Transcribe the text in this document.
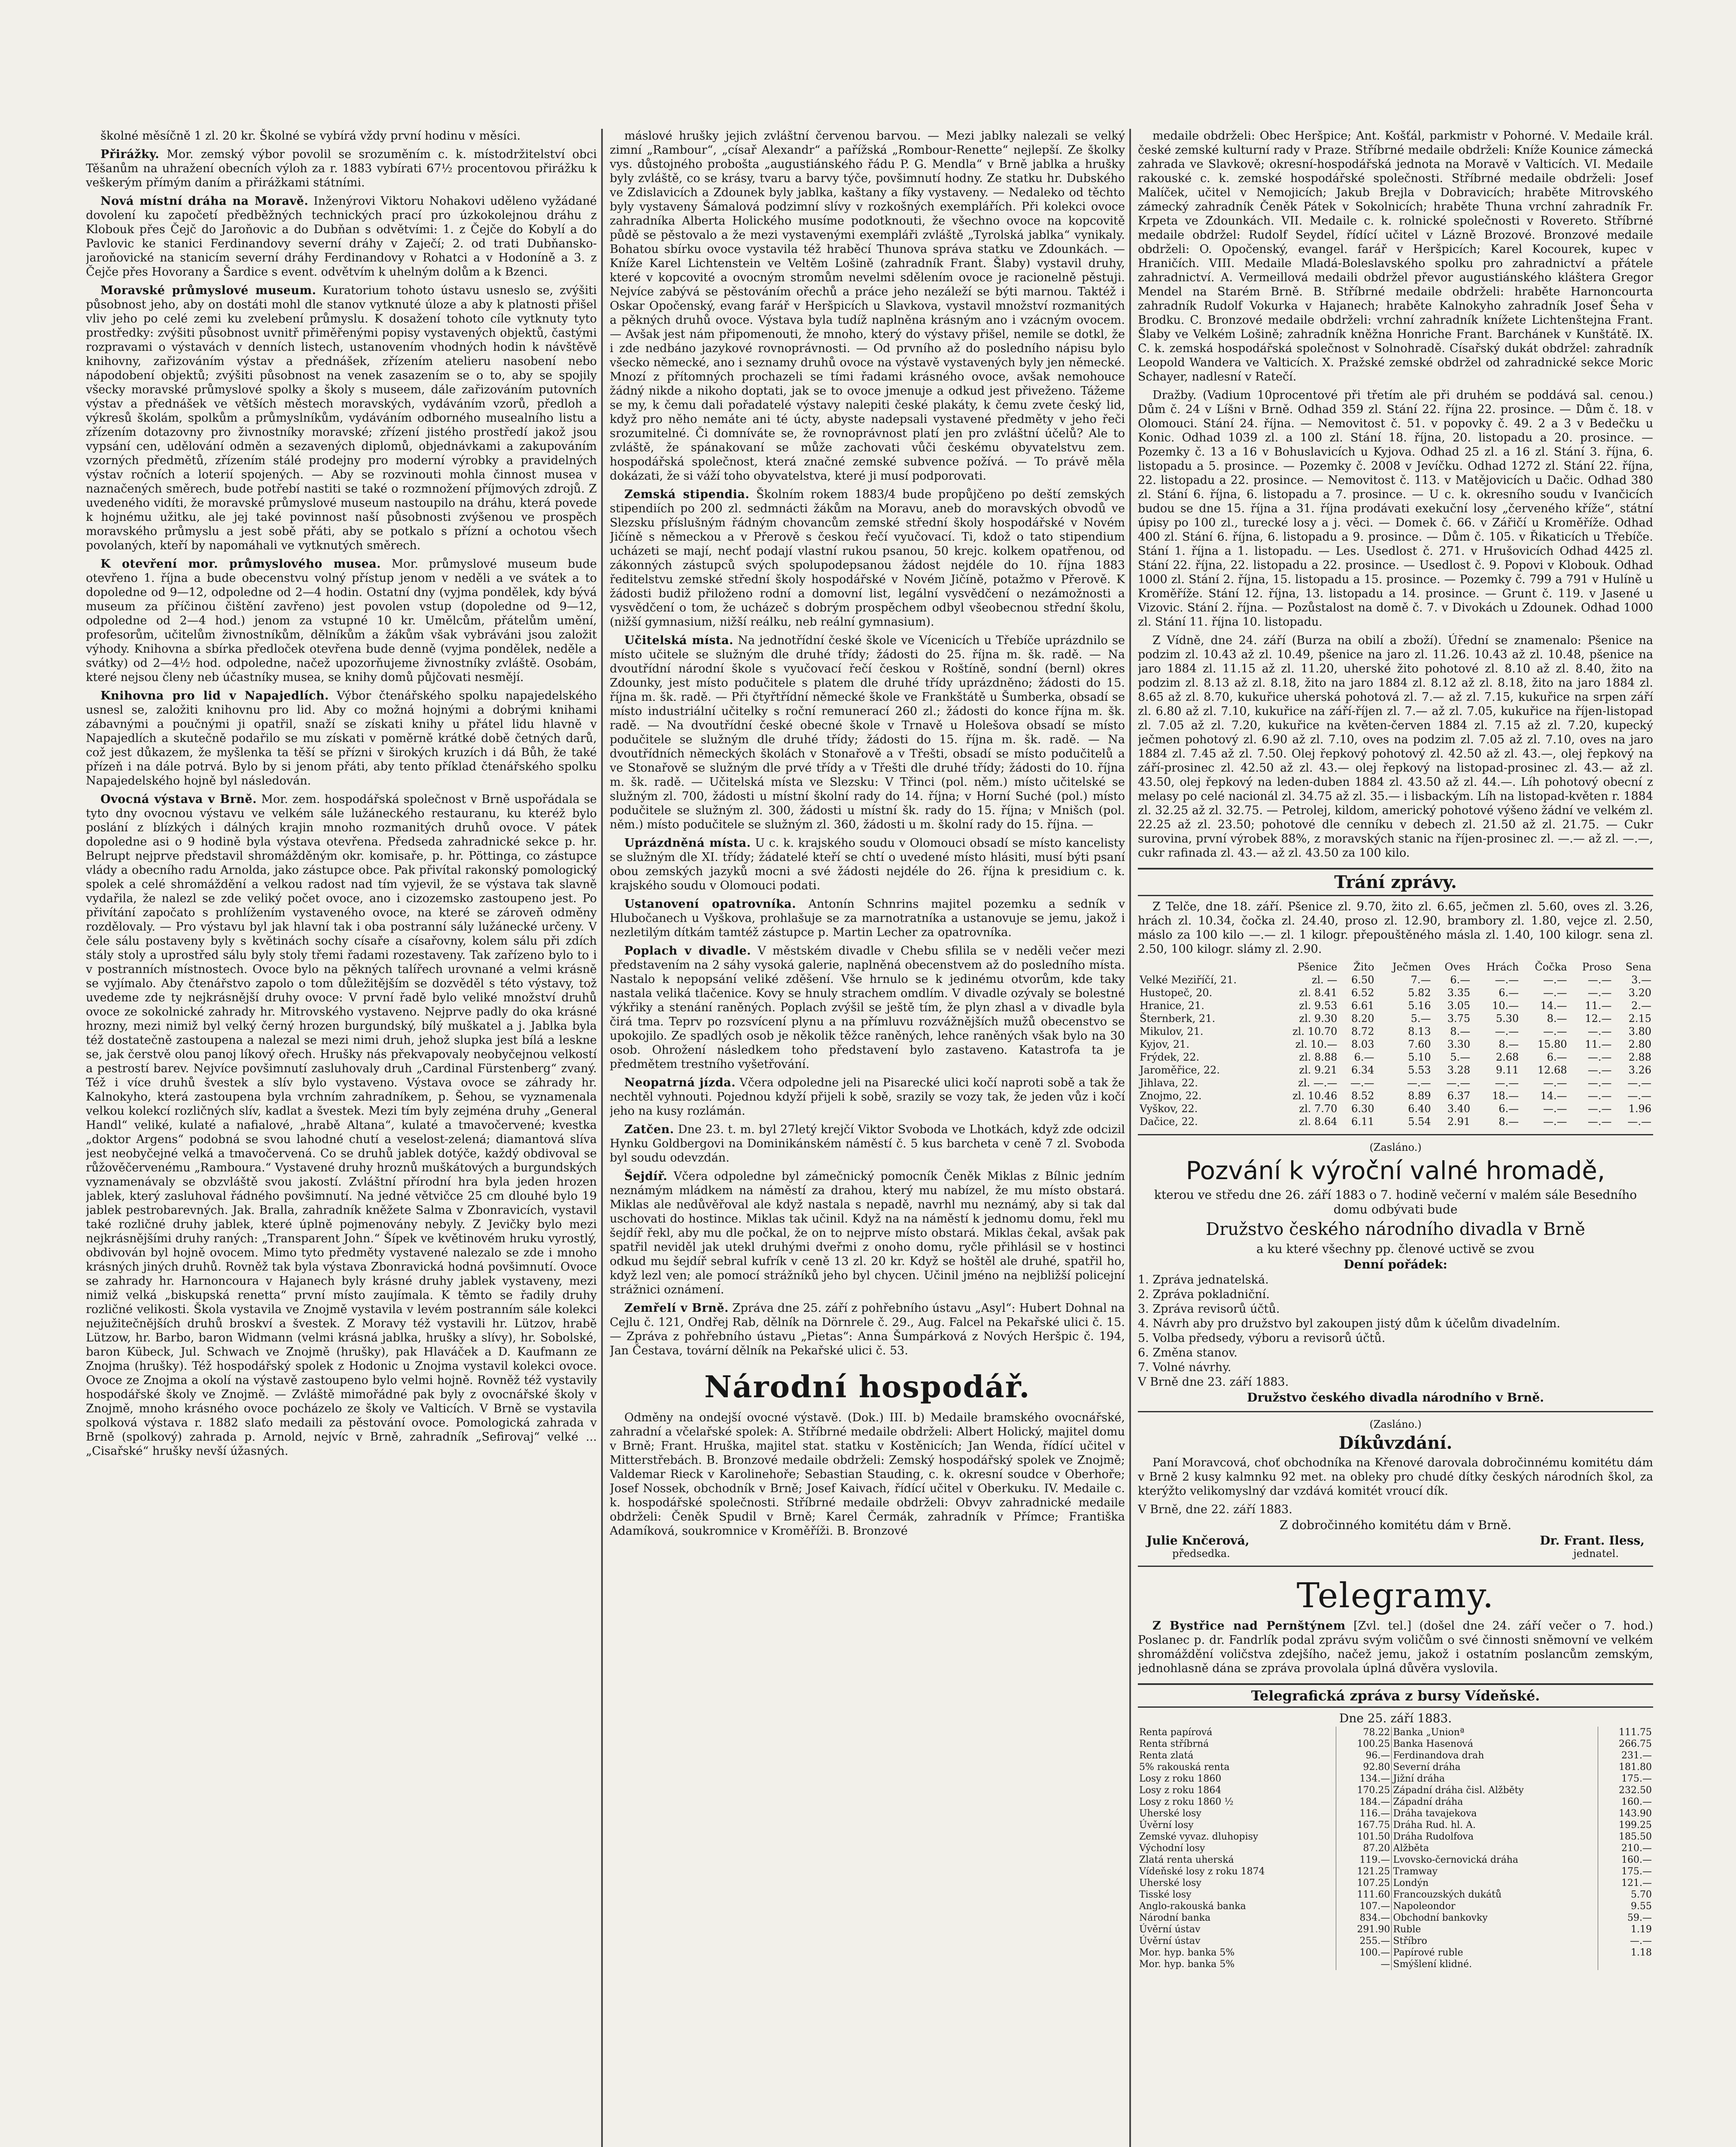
školné měsíčně 1 zl. 20 kr. Školné se vybírá vždy první hodinu v měsíci.

Přirážky. Mor. zemský výbor povolil se srozuměním c. k. místodržitelství obci Těšanům na uhražení obecních výloh za r. 1883 vybírati 67½ procentovou přirážku k veškerým přímým daním a přirážkami státními.

Nová místní dráha na Moravě. Inženýrovi Viktoru Nohakovi uděleno vyžádané dovolení ku započetí předběžných technických prací pro úzkokolejnou dráhu z Klobouk přes Čejč do Jaroňovic a do Dubňan s odvětvími: 1. z Čejče do Kobylí a do Pavlovic ke stanici Ferdinandovy severní dráhy v Zaječí; 2. od trati Dubňansko-jaroňovické na stanicím severní dráhy Ferdinandovy v Rohatci a v Hodoníně a 3. z Čejče přes Hovorany a Šardice s event. odvětvím k uhelným dolům a k Bzenci.

Moravské průmyslové museum. Kuratorium tohoto ústavu usneslo se, zvýšiti působnost jeho, aby on dostáti mohl dle stanov vytknuté úloze a aby k platnosti přišel vliv jeho po celé zemi ku zvelebení průmyslu. K dosažení tohoto cíle vytknuty tyto prostředky: zvýšiti působnost uvnitř přiměřenými popisy vystavených objektů, častými rozpravami o výstavách v denních listech, ustanovením vhodných hodin k návštěvě knihovny, zařizováním výstav a přednášek, zřízením atelieru nasobení nebo nápodobení objektů; zvýšiti působnost na venek zasazením se o to, aby se spojily všecky moravské průmyslové spolky a školy s museem, dále zařizováním putovních výstav a přednášek ve větších městech moravských, vydáváním vzorů, předloh a výkresů školám, spolkům a průmyslníkům, vydáváním odborného musealního listu a zřízením dotazovny pro živnostníky moravské; zřízení jistého prostředí jakož jsou vypsání cen, udělování odměn a sezavených diplomů, objednávkami a zakupováním vzorných předmětů, zřízením stálé prodejny pro moderní výrobky a pravidelných výstav ročních a loterií spojených. — Aby se rozvinouti mohla činnost musea v naznačených směrech, bude potřebí nastiti se také o rozmnožení příjmových zdrojů. Z uvedeného vidíti, že moravské průmyslové museum nastoupilo na dráhu, která povede k hojnému užitku, ale jej také povinnost naší působnosti zvýšenou ve prospěch moravského průmyslu a jest sobě přáti, aby se potkalo s přízní a ochotou všech povolaných, kteří by napomáhali ve vytknutých směrech.

K otevření mor. průmyslového musea. Mor. průmyslové museum bude otevřeno 1. října a bude obecenstvu volný přístup jenom v neděli a ve svátek a to dopoledne od 9—12, odpoledne od 2—4 hodin. Ostatní dny (vyjma pondělek, kdy bývá museum za příčinou čištění zavřeno) jest povolen vstup (dopoledne od 9—12, odpoledne od 2—4 hod.) jenom za vstupné 10 kr. Umělcům, přátelům umění, profesorům, učitelům živnostníkům, dělníkům a žákům však vybráváni jsou založit výhody. Knihovna a sbírka předloček otevřena bude denně (vyjma pondělek, neděle a svátky) od 2—4½ hod. odpoledne, načež upozorňujeme živnostníky zvláště. Osobám, které nejsou členy neb účastníky musea, se knihy domů půjčovati nesmějí.

Knihovna pro lid v Napajedlích. Výbor čtenářského spolku napajedelského usnesl se, založiti knihovnu pro lid. Aby co možná hojnými a dobrými knihami zábavnými a poučnými ji opatřil, snaží se získati knihy u přátel lidu hlavně v Napajedlích a skutečně podařilo se mu získati v poměrně krátké době četných darů, což jest důkazem, že myšlenka ta těší se přízni v širokých kruzích i dá Bůh, že také přízeň i na dále potrvá. Bylo by si jenom přáti, aby tento příklad čtenářského spolku Napajedelského hojně byl následován.

Ovocná výstava v Brně. Mor. zem. hospodářská společnost v Brně uspořádala se tyto dny ovocnou výstavu ve velkém sále lužáneckého restauranu, ku kteréž bylo poslání z blízkých i dálných krajin mnoho rozmanitých druhů ovoce. V pátek dopoledne asi o 9 hodině byla výstava otevřena. Předseda zahradnické sekce p. hr. Belrupt nejprve představil shromážděným okr. komisaře, p. hr. Pöttinga, co zástupce vlády a obecního radu Arnolda, jako zástupce obce. Pak přivítal rakonský pomologický spolek a celé shromáždění a velkou radost nad tím vyjevil, že se výstava tak slavně vydařila, že nalezl se zde veliký počet ovoce, ano i cizozemsko zastoupeno jest. Po přivítání započato s prohlížením vystaveného ovoce, na které se zároveň odměny rozdělovaly. — Pro výstavu byl jak hlavní tak i oba postranní sály lužánecké určeny. V čele sálu postaveny byly s květinách sochy císaře a císařovny, kolem sálu při zdích stály stoly a uprostřed sálu byly stoly třemi řadami rozestaveny. Tak zařízeno bylo to i v postranních místnostech. Ovoce bylo na pěkných talířech urovnané a velmi krásně se vyjímalo. Aby čtenářstvo zapolo o tom důležitějším se dozvěděl s této výstavy, tož uvedeme zde ty nejkrásnější druhy ovoce: V první řadě bylo veliké množství druhů ovoce ze sokolnické zahrady hr. Mitrovského vystaveno. Nejprve padly do oka krásné hrozny, mezi nimiž byl velký černý hrozen burgundský, bílý muškatel a j. Jablka byla též dostatečně zastoupena a nalezal se mezi nimi druh, jehož slupka jest bílá a leskne se, jak čerstvě olou panoj líkový ořech. Hrušky nás překvapovaly neobyčejnou velkostí a pestrostí barev. Nejvíce povšimnutí zasluhovaly druh „Cardinal Fürstenberg“ zvaný. Též i více druhů švestek a slív bylo vystaveno. Výstava ovoce se záhrady hr. Kalnokyho, která zastoupena byla vrchním zahradníkem, p. Šehou, se vyznamenala velkou kolekcí rozličných slív, kadlat a švestek. Mezi tím byly zejména druhy „General Handl“ veliké, kulaté a nafialové, „hrabě Altana“, kulaté a tmavočervené; kvestka „doktor Argens“ podobná se svou lahodné chutí a veselost-zelená; diamantová slíva jest neobyčejné velká a tmavočervená. Co se druhů jablek dotýče, každý obdivoval se růžověčervenému „Ramboura.“ Vystavené druhy hroznů muškátových a burgundských vyznamenávaly se obzvláště svou jakostí. Zvláštní přírodní hra byla jeden hrozen jablek, který zasluhoval řádného povšimnutí. Na jedné větvičce 25 cm dlouhé bylo 19 jablek pestrobarevných. Jak. Bralla, zahradník kněžete Salma v Zbonravicích, vystavil také rozličné druhy jablek, které úplně pojmenovány nebyly. Z Jevičky bylo mezi nejkrásnějšími druhy raných: „Transparent John.“ Šípek ve květinovém hruku vyrostlý, obdivován byl hojně ovocem. Mimo tyto předměty vystavené nalezalo se zde i mnoho krásných jiných druhů. Rovněž tak byla výstava Zbonravická hodná povšimnutí. Ovoce se zahrady hr. Harnoncoura v Hajanech byly krásné druhy jablek vystaveny, mezi nimiž velká „biskupská renetta“ první místo zaujímala. K těmto se řadily druhy rozličné velikosti. Škola vystavila ve Znojmě vystavila v levém postranním sále kolekci nejužitečnějších druhů broskví a švestek. Z Moravy též vystavili hr. Lützov, hrabě Lützow, hr. Barbo, baron Widmann (velmi krásná jablka, hrušky a slívy), hr. Sobolské, baron Kübeck, Jul. Schwach ve Znojmě (hrušky), pak Hlaváček a D. Kaufmann ze Znojma (hrušky). Též hospodářský spolek z Hodonic u Znojma vystavil kolekci ovoce. Ovoce ze Znojma a okolí na výstavě zastoupeno bylo velmi hojně. Rovněž též vystavily hospodářské školy ve Znojmě. — Zvláště mimořádné pak byly z ovocnářské školy v Znojmě, mnoho krásného ovoce pocházelo ze školy ve Valticích. V Brně se vystavila spolková výstava r. 1882 slaťo medaili za pěstování ovoce. Pomologická zahrada v Brně (spolkový) zahrada p. Arnold, nejvíc v Brně, zahradník „Sefirovaj“ velké ... „Cisařské“ hrušky nevší úžasných.

máslové hrušky jejich zvláštní červenou barvou. — Mezi jablky nalezali se velký zimní „Rambour“, „císař Alexandr“ a pařížská „Rombour-Renette“ nejlepší. Ze školky vys. důstojného probošta „augustiánského řádu P. G. Mendla“ v Brně jablka a hrušky byly zvláště, co se krásy, tvaru a barvy týče, povšimnutí hodny. Ze statku hr. Dubského ve Zdislavicích a Zdounek byly jablka, kaštany a fíky vystaveny. — Nedaleko od těchto byly vystaveny Šámalová podzimní slívy v rozkošných exemplářích. Při kolekci ovoce zahradníka Alberta Holického musíme podotknouti, že všechno ovoce na kopcovitě půdě se pěstovalo a že mezi vystavenými exempláři zvláště „Tyrolská jablka“ vynikaly. Bohatou sbírku ovoce vystavila též hraběcí Thunova správa statku ve Zdounkách. — Kníže Karel Lichtenstein ve Veltěm Lošině (zahradník Frant. Šlaby) vystavil druhy, které v kopcovité a ovocným stromům nevelmi sdělením ovoce je racionelně pěstuji. Nejvíce zabývá se pěstováním ořechů a práce jeho nezáleží se býti marnou. Taktéž i Oskar Opočenský, evang farář v Heršpicích u Slavkova, vystavil množství rozmanitých a pěkných druhů ovoce. Výstava byla tudíž naplněna krásným ano i vzácným ovocem. — Avšak jest nám připomenouti, že mnoho, který do výstavy přišel, nemile se dotkl, že i zde nedbáno jazykové rovnoprávnosti. — Od prvního až do posledního nápisu bylo všecko německé, ano i seznamy druhů ovoce na výstavě vystavených byly jen německé. Mnozí z přítomných prochazeli se tími řadami krásného ovoce, avšak nemohouce žádný nikde a nikoho doptati, jak se to ovoce jmenuje a odkud jest přiveženo. Tážeme se my, k čemu dali pořadatelé výstavy nalepiti české plakáty, k čemu zvete český lid, když pro něho nemáte ani té úcty, abyste nadepsali vystavené předměty v jeho řeči srozumitelné. Či domníváte se, že rovnoprávnost platí jen pro zvláštní účelů? Ale to zvláště, že spánakovaní se může zachovati vůči českému obyvatelstvu zem. hospodářská společnost, která značné zemské subvence požívá. — To právě měla dokázati, že si váží toho obyvatelstva, které ji musí podporovati.

Zemská stipendia. Školním rokem 1883/4 bude propůjčeno po deští zemských stipendiích po 200 zl. sedmnácti žákům na Moravu, aneb do moravských obvodů ve Slezsku příslušným řádným chovancům zemské střední školy hospodářské v Novém Jičíně s německou a v Přerově s českou řečí vyučovací. Ti, kdož o tato stipendium ucházeti se mají, nechť podají vlastní rukou psanou, 50 krejc. kolkem opatřenou, od zákonných zástupců svých spolupodepsanou žádost nejdéle do 10. října 1883 ředitelstvu zemské střední školy hospodářské v Novém Jičíně, potažmo v Přerově. K žádosti budiž přiloženo rodní a domovní list, legální vysvědčení o nezámožnosti a vysvědčení o tom, že ucházeč s dobrým prospěchem odbyl všeobecnou střední školu, (nižší gymnasium, nižší reálku, neb reální gymnasium).

Učitelská místa. Na jednotřídní české škole ve Vícenicích u Třebíče uprázdnilo se místo učitele se služným dle druhé třídy; žádosti do 25. října m. šk. radě. — Na dvoutřídní národní škole s vyučovací řečí českou v Roštíně, sondní (bernl) okres Zdounky, jest místo podučitele s platem dle druhé třídy uprázdněno; žádosti do 15. října m. šk. radě. — Při čtyřtřídní německé škole ve Frankštátě u Šumberka, obsadí se místo industriální učitelky s roční remunerací 260 zl.; žádosti do konce října m. šk. radě. — Na dvoutřídní české obecné škole v Trnavě u Holešova obsadí se místo podučitele se služným dle druhé třídy; žádosti do 15. října m. šk. radě. — Na dvoutřídních německých školách v Stonařově a v Třešti, obsadí se místo podučitelů a ve Stonařově se služným dle prvé třídy a v Třešti dle druhé třídy; žádosti do 10. října m. šk. radě. — Učitelská místa ve Slezsku: V Třinci (pol. něm.) místo učitelské se služným zl. 700, žádosti u místní školní rady do 14. října; v Horní Suché (pol.) místo podučitele se služným zl. 300, žádosti u místní šk. rady do 15. října; v Mnišch (pol. něm.) místo podučitele se služným zl. 360, žádosti u m. školní rady do 15. října. —

Uprázdněná místa. U c. k. krajského soudu v Olomouci obsadí se místo kancelisty se služným dle XI. třídy; žádatelé kteří se chtí o uvedené místo hlásiti, musí býti psaní obou zemských jazyků mocni a své žádosti nejdéle do 26. října k presidium c. k. krajského soudu v Olomouci podati.

Ustanovení opatrovníka. Antonín Schnrins majitel pozemku a sedník v Hlubočanech u Vyškova, prohlašuje se za marnotratníka a ustanovuje se jemu, jakož i nezletilým dítkám tamtéž zástupce p. Martin Lecher za opatrovníka.

Poplach v divadle. V městském divadle v Chebu sfilila se v neděli večer mezi představením na 2 sáhy vysoká galerie, naplněná obecenstvem až do posledního místa. Nastalo k nepopsání veliké zděšení. Vše hrnulo se k jedinému otvorům, kde taky nastala veliká tlačenice. Kovy se hnuly strachem omdlím. V divadle ozývaly se bolestné výkřiky a stenání raněných. Poplach zvýšil se ještě tím, že plyn zhasl a v divadle byla čirá tma. Teprv po rozsvícení plynu a na přímluvu rozvážnějších mužů obecenstvo se upokojilo. Ze spadlých osob je několik těžce raněných, lehce raněných však bylo na 30 osob. Ohrožení následkem toho představení bylo zastaveno. Katastrofa ta je předmětem trestního vyšetřování.

Neopatrná jízda. Včera odpoledne jeli na Pisarecké ulici kočí naproti sobě a tak že nechtěl vyhnouti. Pojednou kdyží přijeli k sobě, srazily se vozy tak, že jeden vůz i kočí jeho na kusy rozlámán.

Zatčen. Dne 23. t. m. byl 27letý krejčí Viktor Svoboda ve Lhotkách, když zde odcizil Hynku Goldbergovi na Dominikánském náměstí č. 5 kus barcheta v ceně 7 zl. Svoboda byl soudu odevzdán.

Šejdíř. Včera odpoledne byl zámečnický pomocník Čeněk Miklas z Bílnic jedním neznámým mládkem na náměstí za drahou, který mu nabízel, že mu místo obstará. Miklas ale nedůvěřoval ale když nastala s nepadě, navrhl mu neznámý, aby si tak dal uschovati do hostince. Miklas tak učinil. Když na na náměstí k jednomu domu, řekl mu šejdíř řekl, aby mu dle počkal, že on to nejprve místo obstará. Miklas čekal, avšak pak spatřil neviděl jak utekl druhými dveřmi z onoho domu, ryčle přihlásil se v hostinci odkud mu šejdíř sebral kufrík v ceně 13 zl. 20 kr. Když se hoštěl ale druhé, spatřil ho, když lezl ven; ale pomocí strážníků jeho byl chycen. Učinil jméno na nejbližší policejní strážnici oznámení.

Zemřelí v Brně. Zpráva dne 25. září z pohřebního ústavu „Asyl“: Hubert Dohnal na Cejlu č. 121, Ondřej Rab, dělník na Dörnrele č. 29., Aug. Falcel na Pekařské ulici č. 15. — Zpráva z pohřebního ústavu „Pietas“: Anna Šumpárková z Nových Heršpic č. 194, Jan Čestava, tovární dělník na Pekařské ulici č. 53.

Národní hospodář.

Odměny na ondejší ovocné výstavě. (Dok.) III. b) Medaile bramského ovocnářské, zahradní a včelařské spolek: A. Stříbrné medaile obdrželi: Albert Holický, majitel domu v Brně; Frant. Hruška, majitel stat. statku v Kostěnicích; Jan Wenda, řídící učitel v Mitterstřebách. B. Bronzové medaile obdrželi: Zemský hospodářský spolek ve Znojmě; Valdemar Rieck v Karolinehoře; Sebastian Stauding, c. k. okresní soudce v Oberhoře; Josef Nossek, obchodník v Brně; Josef Kaivach, řídící učitel v Oberkuku. IV. Medaile c. k. hospodářské společnosti. Stříbrné medaile obdrželi: Obvyv zahradnické medaile obdrželi: Čeněk Spudil v Brně; Karel Čermák, zahradník v Přímce; Františka Adamíková, soukromnice v Kroměříži. B. Bronzové

medaile obdrželi: Obec Heršpice; Ant. Košťál, parkmistr v Pohorné. V. Medaile král. české zemské kulturní rady v Praze. Stříbrné medaile obdrželi: Kníže Kounice zámecká zahrada ve Slavkově; okresní-hospodářská jednota na Moravě v Valticích. VI. Medaile rakouské c. k. zemské hospodářské společnosti. Stříbrné medaile obdrželi: Josef Malíček, učitel v Nemojicích; Jakub Brejla v Dobravicích; hraběte Mitrovského zámecký zahradník Čeněk Pátek v Sokolnicích; hraběte Thuna vrchní zahradník Fr. Krpeta ve Zdounkách. VII. Medaile c. k. rolnické společnosti v Rovereto. Stříbrné medaile obdržel: Rudolf Seydel, řídící učitel v Lázně Brozové. Bronzové medaile obdrželi: O. Opočenský, evangel. farář v Heršpicích; Karel Kocourek, kupec v Hraničích. VIII. Medaile Mladá-Boleslavského spolku pro zahradnictví a přátele zahradnictví. A. Vermeillová medaili obdržel převor augustiánského kláštera Gregor Mendel na Starém Brně. B. Stříbrné medaile obdrželi: hraběte Harnoncourta zahradník Rudolf Vokurka v Hajanech; hraběte Kalnokyho zahradník Josef Šeha v Brodku. C. Bronzové medaile obdrželi: vrchní zahradník knížete Lichtenštejna Frant. Šlaby ve Velkém Lošině; zahradník kněžna Honriche Frant. Barchánek v Kunštátě. IX. C. k. zemská hospodářská společnost v Solnohradě. Císařský dukát obdržel: zahradník Leopold Wandera ve Valticích. X. Pražské zemské obdržel od zahradnické sekce Moric Schayer, nadlesní v Ratečí.

Dražby. (Vadium 10procentové při třetím ale při druhém se poddává sal. cenou.) Dům č. 24 v Líšni v Brně. Odhad 359 zl. Stání 22. října 22. prosince. — Dům č. 18. v Olomouci. Stání 24. října. — Nemovitost č. 51. v popovky č. 49. 2 a 3 v Bedečku u Konic. Odhad 1039 zl. a 100 zl. Stání 18. října, 20. listopadu a 20. prosince. — Pozemky č. 13 a 16 v Bohuslavicích u Kyjova. Odhad 25 zl. a 16 zl. Stání 3. října, 6. listopadu a 5. prosince. — Pozemky č. 2008 v Jevíčku. Odhad 1272 zl. Stání 22. října, 22. listopadu a 22. prosince. — Nemovitost č. 113. v Matějovicích u Dačic. Odhad 380 zl. Stání 6. října, 6. listopadu a 7. prosince. — U c. k. okresního soudu v Ivančicích budou se dne 15. října a 31. října prodávati exekuční losy „červeného kříže“, státní úpisy po 100 zl., turecké losy a j. věci. — Domek č. 66. v Zářičí u Kroměříže. Odhad 400 zl. Stání 6. října, 6. listopadu a 9. prosince. — Dům č. 105. v Řikaticích u Třebíče. Stání 1. října a 1. listopadu. — Les. Usedlost č. 271. v Hrušovicích Odhad 4425 zl. Stání 22. října, 22. listopadu a 22. prosince. — Usedlost č. 9. Popovi v Klobouk. Odhad 1000 zl. Stání 2. října, 15. listopadu a 15. prosince. — Pozemky č. 799 a 791 v Hulíně u Kroměříže. Stání 12. října, 13. listopadu a 14. prosince. — Grunt č. 119. v Jasené u Vizovic. Stání 2. října. — Pozůstalost na domě č. 7. v Divokách u Zdounek. Odhad 1000 zl. Stání 11. října 10. listopadu.

Z Vídně, dne 24. září (Burza na obilí a zboží). Úřední se znamenalo: Pšenice na podzim zl. 10.43 až zl. 10.49, pšenice na jaro zl. 11.26. 10.43 až zl. 10.48, pšenice na jaro 1884 zl. 11.15 až zl. 11.20, uherské žito pohotové zl. 8.10 až zl. 8.40, žito na podzim zl. 8.13 až zl. 8.18, žito na jaro 1884 zl. 8.12 až zl. 8.18, žito na jaro 1884 zl. 8.65 až zl. 8.70, kukuřice uherská pohotová zl. 7.— až zl. 7.15, kukuřice na srpen září zl. 6.80 až zl. 7.10, kukuřice na září-říjen zl. 7.— až zl. 7.05, kukuřice na říjen-listopad zl. 7.05 až zl. 7.20, kukuřice na květen-červen 1884 zl. 7.15 až zl. 7.20, kupecký ječmen pohotový zl. 6.90 až zl. 7.10, oves na podzim zl. 7.05 až zl. 7.10, oves na jaro 1884 zl. 7.45 až zl. 7.50. Olej řepkový pohotový zl. 42.50 až zl. 43.—, olej řepkový na září-prosinec zl. 42.50 až zl. 43.— olej řepkový na listopad-prosinec zl. 43.— až zl. 43.50, olej řepkový na leden-duben 1884 zl. 43.50 až zl. 44.—. Líh pohotový obecní z melasy po celé nacionál zl. 34.75 až zl. 35.— i lisbackým. Líh na listopad-květen r. 1884 zl. 32.25 až zl. 32.75. — Petrolej, kildom, americký pohotové výšeno žádní ve velkém zl. 22.25 až zl. 23.50; pohotové dle cenníku v debech zl. 21.50 až zl. 21.75. — Cukr surovina, první výrobek 88%, z moravských stanic na říjen-prosinec zl. —.— až zl. —.—, cukr rafinada zl. 43.— až zl. 43.50 za 100 kilo.

Trání zprávy.

Z Telče, dne 18. září. Pšenice zl. 9.70, žito zl. 6.65, ječmen zl. 5.60, oves zl. 3.26, hrách zl. 10.34, čočka zl. 24.40, proso zl. 12.90, brambory zl. 1.80, vejce zl. 2.50, máslo za 100 kilo —.— zl. 1 kilogr. přepouštěného másla zl. 1.40, 100 kilogr. sena zl. 2.50, 100 kilogr. slámy zl. 2.90.

	Pšenice	Žito	Ječmen	Oves	Hrách	Čočka	Proso	Sena
Velké Meziříčí, 21.	zl. —	6.50	7.—	6.—	—.—	—.—	—.—	3.—
Hustopeč, 20.	zl. 8.41	6.52	5.82	3.35	6.—	—.—	—.—	3.20
Hranice, 21.	zl. 9.53	6.61	5.16	3.05	10.—	14.—	11.—	2.—
Šternberk, 21.	zl. 9.30	8.20	5.—	3.75	5.30	8.—	12.—	2.15
Mikulov, 21.	zl. 10.70	8.72	8.13	8.—	—.—	—.—	—.—	3.80
Kyjov, 21.	zl. 10.—	8.03	7.60	3.30	8.—	15.80	11.—	2.80
Frýdek, 22.	zl. 8.88	6.—	5.10	5.—	2.68	6.—	—.—	2.88
Jaroměřice, 22.	zl. 9.21	6.34	5.53	3.28	9.11	12.68	—.—	3.26
Jihlava, 22.	zl. —.—	—.—	—.—	—.—	—.—	—.—	—.—	—.—
Znojmo, 22.	zl. 10.46	8.52	8.89	6.37	18.—	14.—	—.—	—.—
Vyškov, 22.	zl. 7.70	6.30	6.40	3.40	6.—	—.—	—.—	1.96
Dačice, 22.	zl. 8.64	6.11	5.54	2.91	8.—	—.—	—.—	—.—
(Zasláno.)
Pozvání k výroční valné hromadě,

kterou ve středu dne 26. září 1883 o 7. hodině večerní v malém sále Besedního domu odbývati bude

Družstvo českého národního divadla v Brně

a ku které všechny pp. členové uctivě se zvou

Denní pořádek:

1. Zpráva jednatelská.

2. Zpráva pokladniční.

3. Zpráva revisorů účtů.

4. Návrh aby pro družstvo byl zakoupen jistý dům k účelům divadelním.

5. Volba předsedy, výboru a revisorů účtů.

6. Změna stanov.

7. Volné návrhy.

V Brně dne 23. září 1883.

Družstvo českého divadla národního v Brně.
(Zasláno.)
Díkůvzdání.

Paní Moravcová, choť obchodníka na Křenové darovala dobročinnému komitétu dám v Brně 2 kusy kalmnku 92 met. na obleky pro chudé dítky českých národních škol, za kterýžto velikomyslný dar vzdává komitét vroucí dík.

V Brně, dne 22. září 1883.

Z dobročinného komitétu dám v Brně.
Julie Knčerová,	Dr. Frant. Iless,
předsedka.	jednatel.
Telegramy.

Z Bystřice nad Pernštýnem [Zvl. tel.] (došel dne 24. září večer o 7. hod.) Poslanec p. dr. Fandrlík podal zprávu svým voličům o své činnosti sněmovní ve velkém shromáždění voličstva zdejšího, načež jemu, jakož i ostatním poslancům zemským, jednohlasně dána se zpráva provolala úplná důvěra vyslovila.

Telegrafická zpráva z bursy Vídeňské.
Dne 25. září 1883.
Renta papírová	78.22	Banka „Unionª	111.75
Renta stříbrná	100.25	Banka Hasenová	266.75
Renta zlatá	96.—	Ferdinandova drah	231.—
5% rakouská renta	92.80	Severní dráha	181.80
Losy z roku 1860	134.—	Jižní dráha	175.—
Losy z roku 1864	170.25	Západní dráha čisl. Alžběty	232.50
Losy z roku 1860 ½	184.—	Západní dráha	160.—
Uherské losy	116.—	Dráha tavajekova	143.90
Úvěrní losy	167.75	Dráha Rud. hl. A.	199.25
Zemské vyvaz. dluhopisy	101.50	Dráha Rudolfova	185.50
Východní losy	87.20	Alžběta	210.—
Zlatá renta uherská	119.—	Lvovsko-černovická dráha	160.—
Vídeňské losy z roku 1874	121.25	Tramway	175.—
Uherské losy	107.25	Londýn	121.—
Tisské losy	111.60	Francouzských dukátů	5.70
Anglo-rakouská banka	107.—	Napoleondor	9.55
Národní banka	834.—	Obchodní bankovky	59.—
Úvěrní ústav	291.90	Ruble	1.19
Úvěrní ústav	255.—	Stříbro	—.—
Mor. hyp. banka 5%	100.—	Papírové ruble	1.18
Mor. hyp. banka 5%	—	Smýšlení klidné.	
